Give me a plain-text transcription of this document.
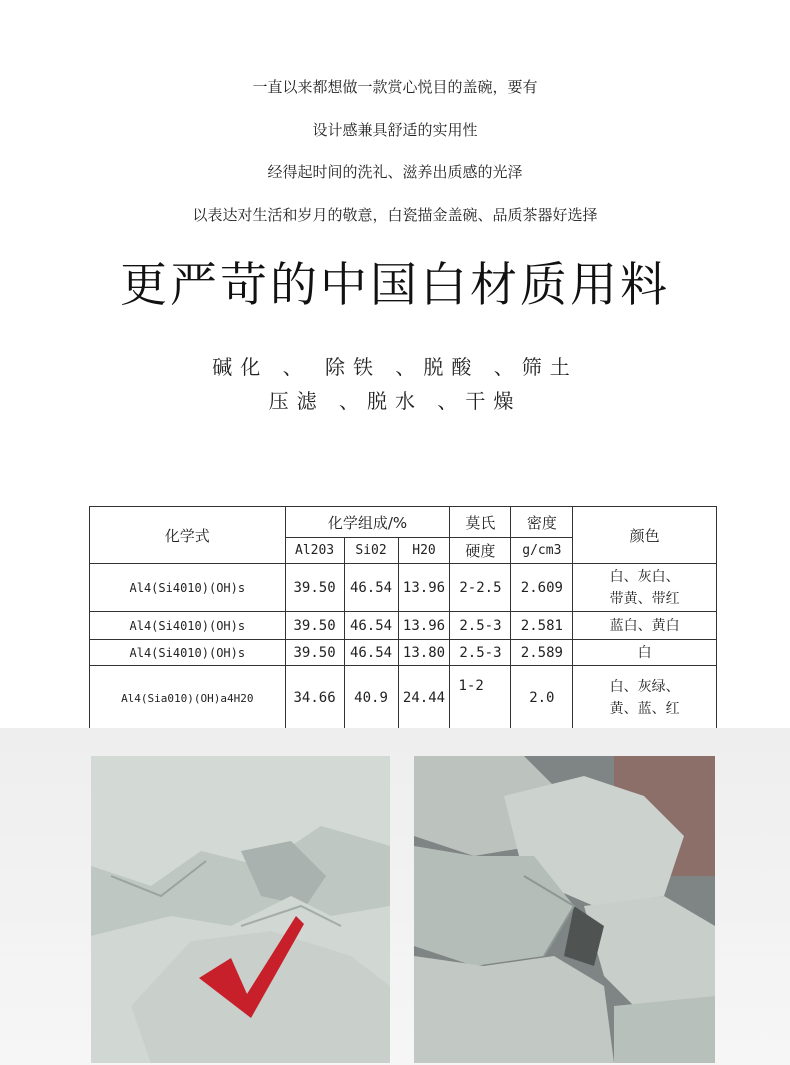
一直以来都想做一款赏心悦目的盖碗，要有

设计感兼具舒适的实用性

经得起时间的洗礼、滋养出质感的光泽

以表达对生活和岁月的敬意，白瓷描金盖碗、品质茶器好选择

更严苛的中国白材质用料

碱化 、 除铁 、脱酸 、筛土

压滤 、脱水 、干燥

化学式	化学组成/%			莫氏	密度	颜色
	Al203	Si02	H20	硬度	g/cm3	
Al4(Si4010)(OH)s	39.50	46.54	13.96	2-2.5	2.609	白、灰白、
带黄、带红

Al4(Si4010)(OH)s	39.50	46.54	13.96	2.5-3	2.581	蓝白、黄白
Al4(Si4010)(OH)s	39.50	46.54	13.80	2.5-3	2.589	白
Al4(Sia010)(OH)a4H20	34.66	40.9	24.44	1-2	2.0	白、灰绿、
黄、蓝、红
